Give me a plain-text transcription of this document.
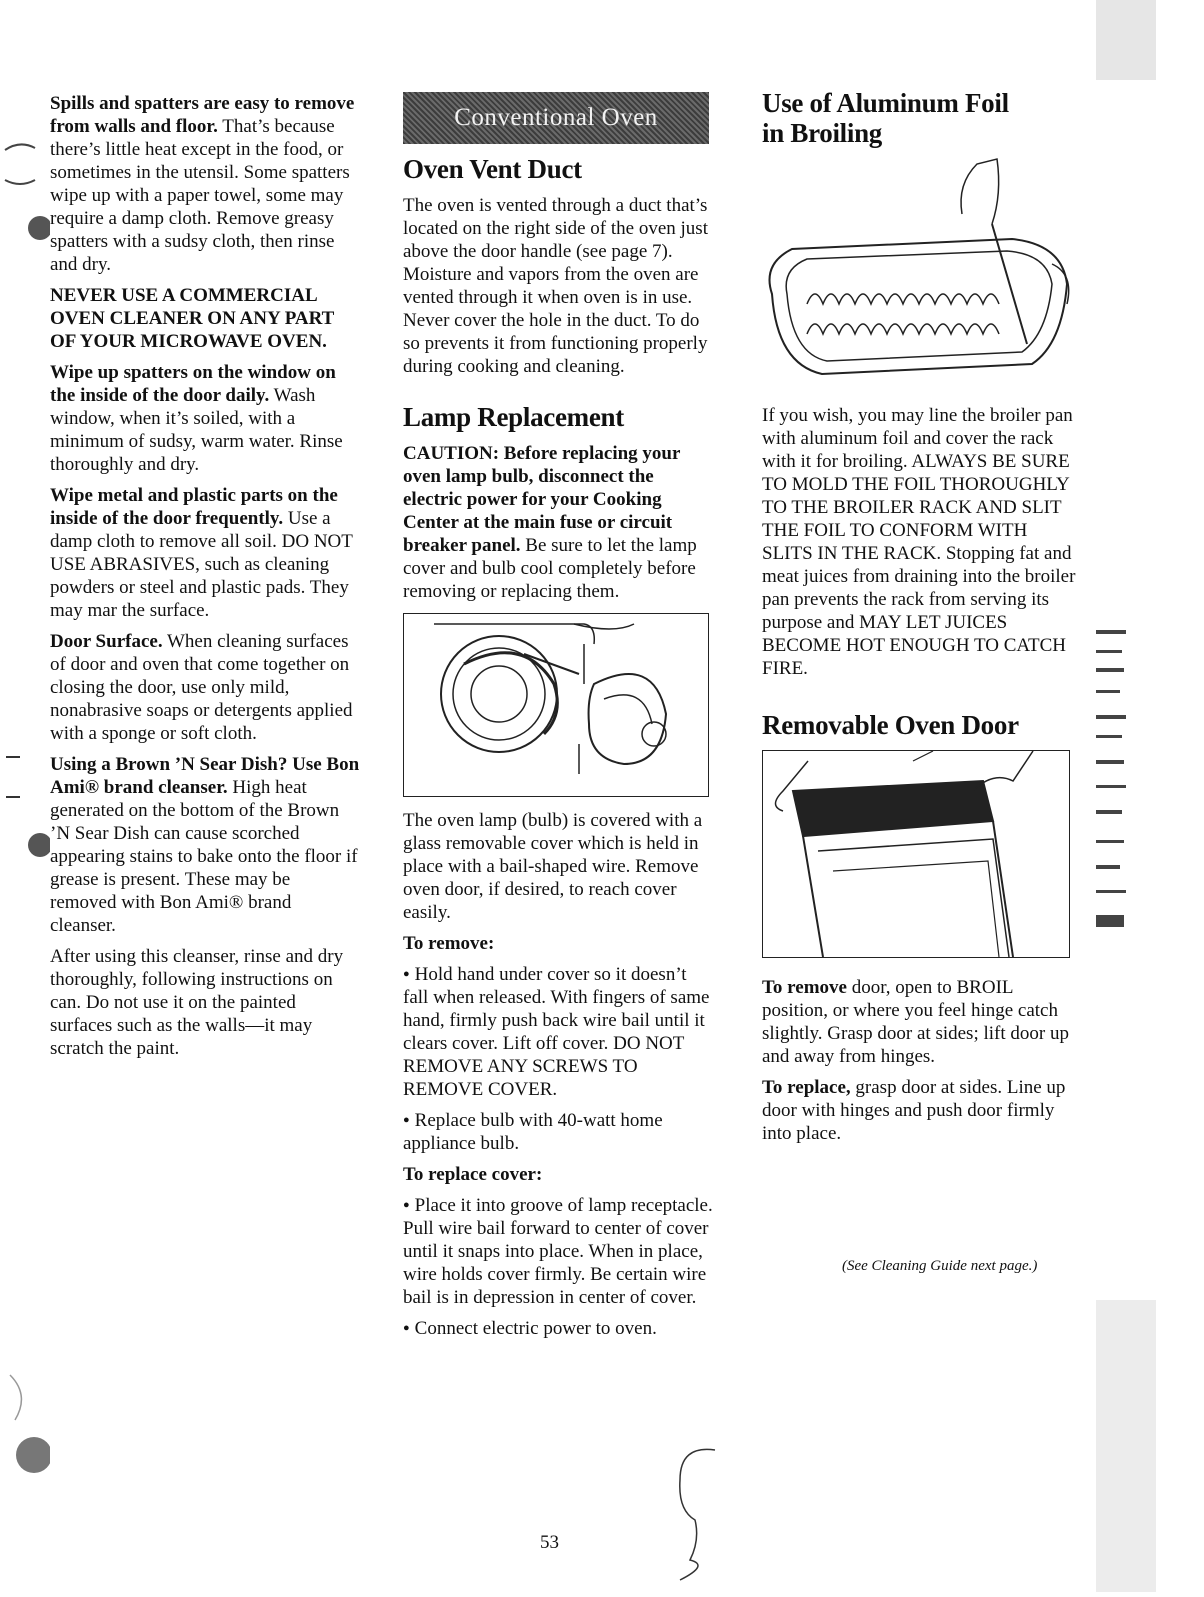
Spills and spatters are easy to remove from walls and floor. That’s because there’s little heat except in the food, or sometimes in the utensil. Some spatters wipe up with a paper towel, some may require a damp cloth. Remove greasy spatters with a sudsy cloth, then rinse and dry.

NEVER USE A COMMERCIAL OVEN CLEANER ON ANY PART OF YOUR MICROWAVE OVEN.

Wipe up spatters on the window on the inside of the door daily. Wash window, when it’s soiled, with a minimum of sudsy, warm water. Rinse thoroughly and dry.

Wipe metal and plastic parts on the inside of the door frequently. Use a damp cloth to remove all soil. DO NOT USE ABRASIVES, such as cleaning powders or steel and plastic pads. They may mar the surface.

Door Surface. When cleaning surfaces of door and oven that come together on closing the door, use only mild, nonabrasive soaps or detergents applied with a sponge or soft cloth.

Using a Brown ’N Sear Dish? Use Bon Ami® brand cleanser. High heat generated on the bottom of the Brown ’N Sear Dish can cause scorched appearing stains to bake onto the floor if grease is present. These may be removed with Bon Ami® brand cleanser.

After using this cleanser, rinse and dry thoroughly, following instructions on can. Do not use it on the painted surfaces such as the walls—it may scratch the paint.

Conventional Oven
Oven Vent Duct

The oven is vented through a duct that’s located on the right side of the oven just above the door handle (see page 7). Moisture and vapors from the oven are vented through it when oven is in use. Never cover the hole in the duct. To do so prevents it from functioning properly during cooking and cleaning.

Lamp Replacement

CAUTION: Before replacing your oven lamp bulb, disconnect the electric power for your Cooking Center at the main fuse or circuit breaker panel. Be sure to let the lamp cover and bulb cool completely before removing or replacing them.

The oven lamp (bulb) is covered with a glass removable cover which is held in place with a bail-shaped wire. Remove oven door, if desired, to reach cover easily.

To remove:

● Hold hand under cover so it doesn’t fall when released. With fingers of same hand, firmly push back wire bail until it clears cover. Lift off cover. DO NOT REMOVE ANY SCREWS TO REMOVE COVER.

● Replace bulb with 40-watt home appliance bulb.

To replace cover:

● Place it into groove of lamp receptacle. Pull wire bail forward to center of cover until it snaps into place. When in place, wire holds cover firmly. Be certain wire bail is in depression in center of cover.

● Connect electric power to oven.

Use of Aluminum Foil
in Broiling

If you wish, you may line the broiler pan with aluminum foil and cover the rack with it for broiling. ALWAYS BE SURE TO MOLD THE FOIL THOROUGHLY TO THE BROILER RACK AND SLIT THE FOIL TO CONFORM WITH SLITS IN THE RACK. Stopping fat and meat juices from draining into the broiler pan prevents the rack from serving its purpose and MAY LET JUICES BECOME HOT ENOUGH TO CATCH FIRE.

Removable Oven Door

To remove door, open to BROIL position, or where you feel hinge catch slightly. Grasp door at sides; lift door up and away from hinges.

To replace, grasp door at sides. Line up door with hinges and push door firmly into place.

(See Cleaning Guide next page.)
53
